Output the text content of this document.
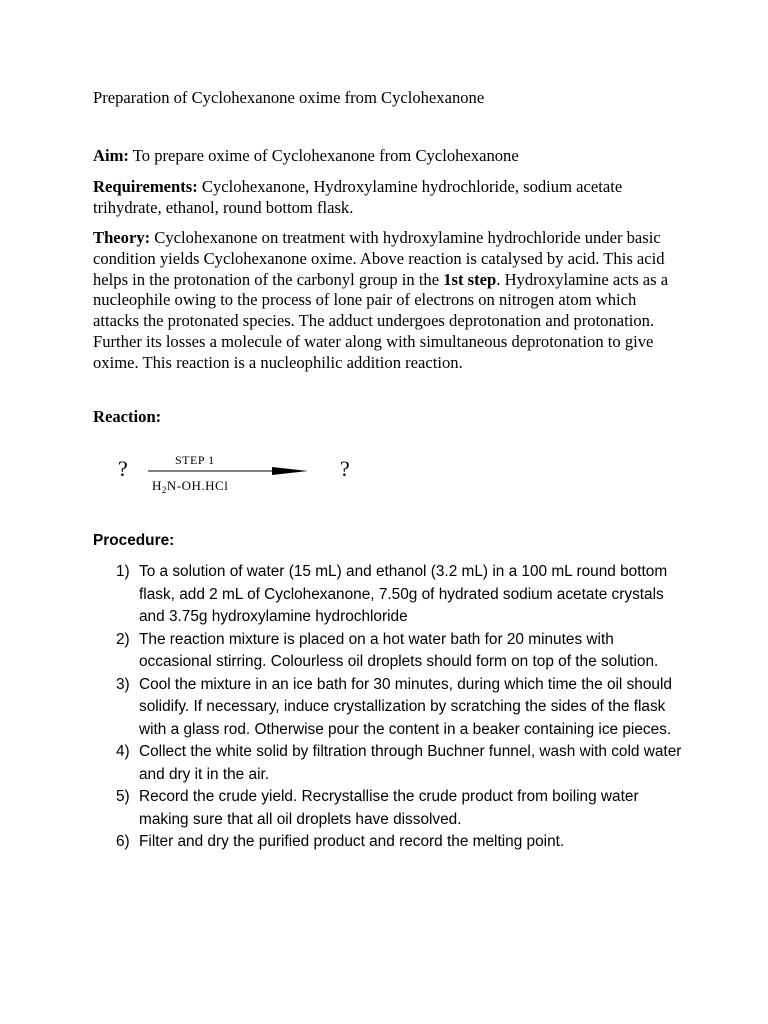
Preparation of Cyclohexanone oxime from Cyclohexanone
Aim: To prepare oxime of Cyclohexanone from Cyclohexanone
Requirements: Cyclohexanone, Hydroxylamine hydrochloride, sodium acetate trihydrate, ethanol, round bottom flask.
Theory: Cyclohexanone on treatment with hydroxylamine hydrochloride under basic condition yields Cyclohexanone oxime. Above reaction is catalysed by acid. This acid helps in the protonation of the carbonyl group in the 1st step. Hydroxylamine acts as a nucleophile owing to the process of lone pair of electrons on nitrogen atom which attacks the protonated species. The adduct undergoes deprotonation and protonation. Further its losses a molecule of water along with simultaneous deprotonation to give oxime. This reaction is a nucleophilic addition reaction.
Reaction:
?	STEP 1
$H_2N-OH.HCl$
?
Procedure:
1) To a solution of water (15 mL) and ethanol (3.2 mL) in a 100 mL round bottom flask, add 2 mL of Cyclohexanone, 7.50g of hydrated sodium acetate crystals and 3.75g hydroxylamine hydrochloride
2) The reaction mixture is placed on a hot water bath for 20 minutes with occasional stirring. Colourless oil droplets should form on top of the solution.
3) Cool the mixture in an ice bath for 30 minutes, during which time the oil should solidify. If necessary, induce crystallization by scratching the sides of the flask with a glass rod. Otherwise pour the content in a beaker containing ice pieces.
4) Collect the white solid by filtration through Buchner funnel, wash with cold water and dry it in the air.
5) Record the crude yield. Recrystallise the crude product from boiling water making sure that all oil droplets have dissolved.
6) Filter and dry the purified product and record the melting point.
